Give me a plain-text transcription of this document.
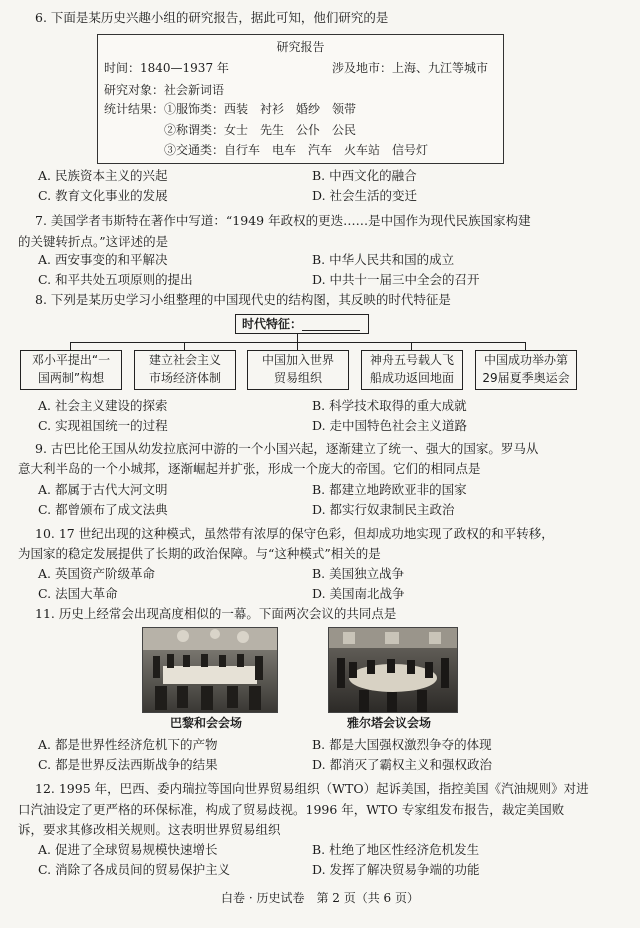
6. 下面是某历史兴趣小组的研究报告，据此可知，他们研究的是
研究报告
时间：1840—1937 年	涉及地市：上海、九江等城市
研究对象：社会新词语
统计结果： ①服饰类：西装　衬衫　婚纱　领带
②称谓类：女士　先生　公仆　公民
③交通类：自行车　电车　汽车　火车站　信号灯
A. 民族资本主义的兴起	B. 中西文化的融合
C. 教育文化事业的发展	D. 社会生活的变迁
7. 美国学者韦斯特在著作中写道：“1949 年政权的更迭……是中国作为现代民族国家构建
的关键转折点。”这评述的是
A. 西安事变的和平解决	B. 中华人民共和国的成立
C. 和平共处五项原则的提出	D. 中共十一届三中全会的召开
8. 下列是某历史学习小组整理的中国现代史的结构图，其反映的时代特征是
时代特征：
邓小平提出“一
国两制”构想
建立社会主义
市场经济体制
中国加入世界
贸易组织
神舟五号载人飞
船成功返回地面
中国成功举办第
29届夏季奥运会
A. 社会主义建设的探索	B. 科学技术取得的重大成就
C. 实现祖国统一的过程	D. 走中国特色社会主义道路
9. 古巴比伦王国从幼发拉底河中游的一个小国兴起，逐渐建立了统一、强大的国家。罗马从
意大利半岛的一个小城邦，逐渐崛起并扩张，形成一个庞大的帝国。它们的相同点是
A. 都属于古代大河文明	B. 都建立地跨欧亚非的国家
C. 都曾颁布了成文法典	D. 都实行奴隶制民主政治
10. 17 世纪出现的这种模式，虽然带有浓厚的保守色彩，但却成功地实现了政权的和平转移，
为国家的稳定发展提供了长期的政治保障。与“这种模式”相关的是
A. 英国资产阶级革命	B. 美国独立战争
C. 法国大革命	D. 美国南北战争
11. 历史上经常会出现高度相似的一幕。下面两次会议的共同点是
巴黎和会会场	雅尔塔会议会场
A. 都是世界性经济危机下的产物	B. 都是大国强权激烈争夺的体现
C. 都是世界反法西斯战争的结果	D. 都消灭了霸权主义和强权政治
12. 1995 年，巴西、委内瑞拉等国向世界贸易组织（WTO）起诉美国，指控美国《汽油规则》对进
口汽油设定了更严格的环保标准，构成了贸易歧视。1996 年，WTO 专家组发布报告，裁定美国败
诉，要求其修改相关规则。这表明世界贸易组织
A. 促进了全球贸易规模快速增长	B. 杜绝了地区性经济危机发生
C. 消除了各成员间的贸易保护主义	D. 发挥了解决贸易争端的功能
白卷 · 历史试卷　第 2 页（共 6 页）
